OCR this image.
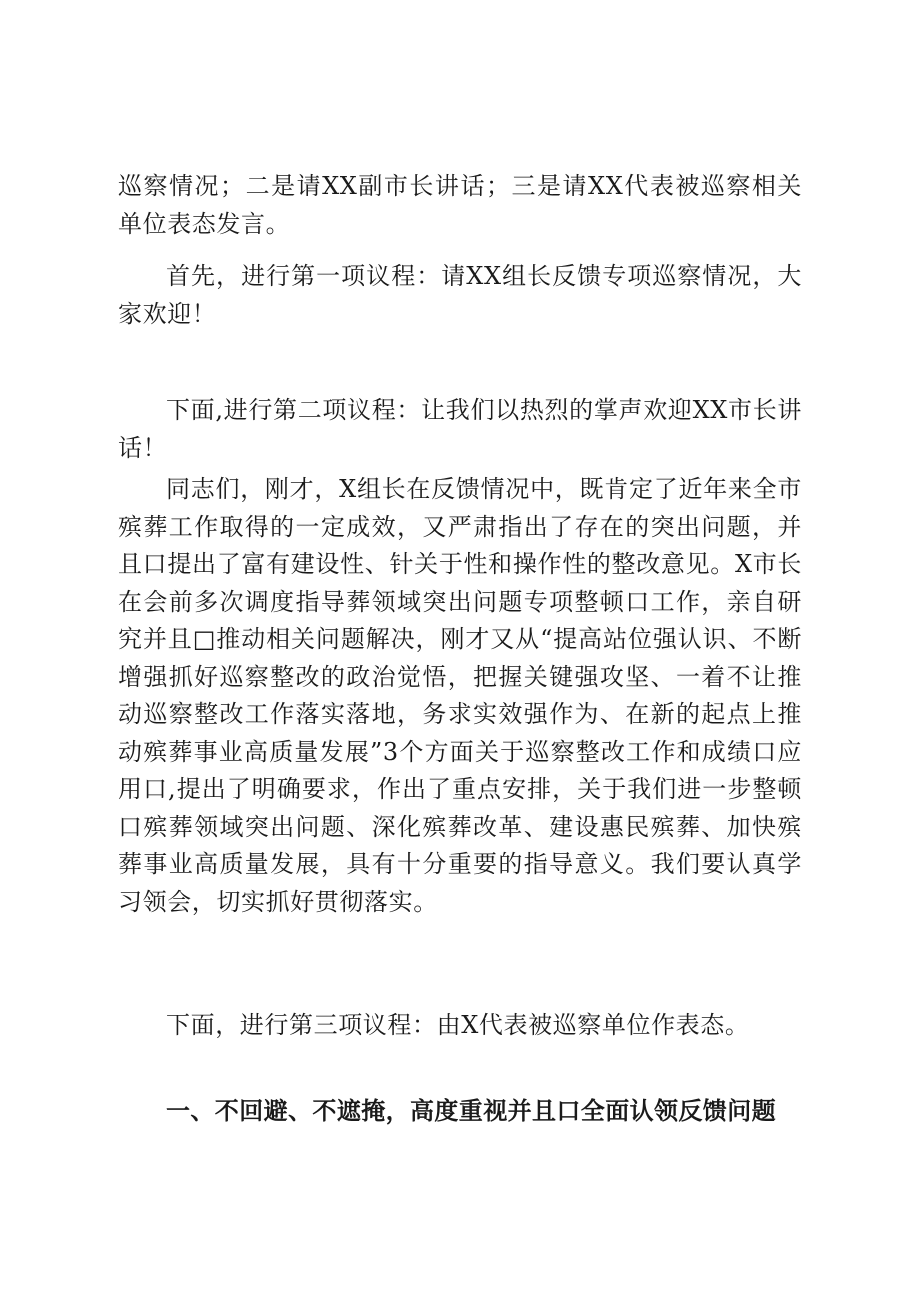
巡察情况；二是请XX副市长讲话；三是请XX代表被巡察相关单位表态发言。

首先，进行第一项议程：请XX组长反馈专项巡察情况，大家欢迎！

下面,进行第二项议程：让我们以热烈的掌声欢迎XX市长讲话！

同志们，刚才，X组长在反馈情况中，既肯定了近年来全市殡葬工作取得的一定成效，又严肃指出了存在的突出问题，并且口提出了富有建设性、针关于性和操作性的整改意见。X市长在会前多次调度指导葬领域突出问题专项整顿口工作，亲自研究并且□推动相关问题解决，刚才又从“提高站位强认识、不断增强抓好巡察整改的政治觉悟，把握关键强攻坚、一着不让推动巡察整改工作落实落地，务求实效强作为、在新的起点上推动殡葬事业高质量发展”3个方面关于巡察整改工作和成绩口应用口,提出了明确要求，作出了重点安排，关于我们进一步整顿口殡葬领域突出问题、深化殡葬改革、建设惠民殡葬、加快殡葬事业高质量发展，具有十分重要的指导意义。我们要认真学习领会，切实抓好贯彻落实。

下面，进行第三项议程：由X代表被巡察单位作表态。

一、不回避、不遮掩，高度重视并且口全面认领反馈问题
